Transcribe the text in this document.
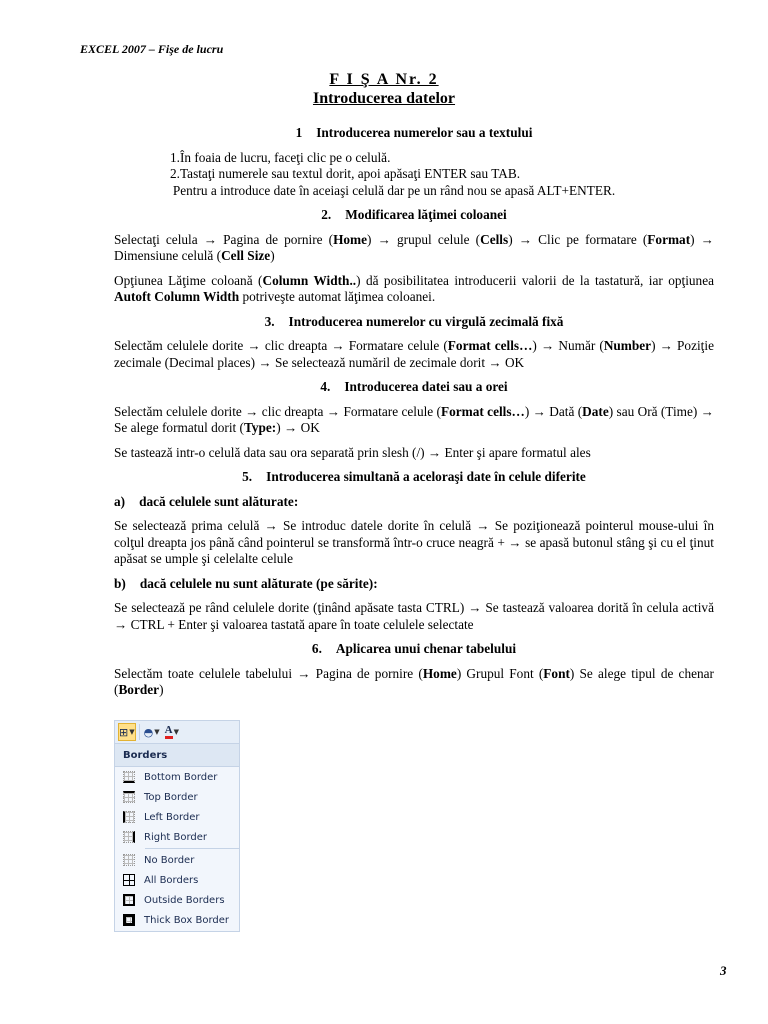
EXCEL 2007 – Fişe de lucru
F I Ş A Nr. 2
Introducerea datelor

1 Introducerea numerelor sau a textului

1.În foaia de lucru, faceţi clic pe o celulă.
2.Tastaţi numerele sau textul dorit, apoi apăsaţi ENTER sau TAB.

Pentru a introduce date în aceiaşi celulă dar pe un rând nou se apasă ALT+ENTER.

2. Modificarea lăţimei coloanei

Selectaţi celula → Pagina de pornire (Home) → grupul celule (Cells) → Clic pe formatare (Format) → Dimensiune celulă (Cell Size)

Opţiunea Lăţime coloană (Column Width..) dă posibilitatea introducerii valorii de la tastatură, iar opţiunea Autoft Column Width potriveşte automat lăţimea coloanei.

3. Introducerea numerelor cu virgulă zecimală fixă

Selectăm celulele dorite → clic dreapta → Formatare celule (Format cells…) → Număr (Number) → Poziţie zecimale (Decimal places) → Se selectează număril de zecimale dorit → OK

4. Introducerea datei sau a orei

Selectăm celulele dorite → clic dreapta → Formatare celule (Format cells…) → Dată (Date) sau Oră (Time) → Se alege formatul dorit (Type:) → OK

Se tastează intr-o celulă data sau ora separată prin slesh (/) → Enter şi apare formatul ales

5. Introducerea simultană a aceloraşi date în celule diferite

a) dacă celulele sunt alăturate:

Se selectează prima celulă → Se introduc datele dorite în celulă → Se poziţionează pointerul mouse-ului în colţul dreapta jos până când pointerul se transformă într-o cruce neagră + → se apasă butonul stâng şi cu el ţinut apăsat se umple şi celelalte celule

b) dacă celulele nu sunt alăturate (pe sărite):

Se selectează pe rând celulele dorite (ţinând apăsate tasta CTRL) → Se tastează valoarea dorită în celula activă → CTRL + Enter şi valoarea tastată apare în toate celulele selectate

6. Aplicarea unui chenar tabelului

Selectăm toate celulele tabelului → Pagina de pornire (Home) Grupul Font (Font) Se alege tipul de chenar (Border)

⊞ ▼ ◓ ▼ A ▼
Borders
Bottom Border
Top Border
Left Border
Right Border
No Border
All Borders
Outside Borders
Thick Box Border
3
